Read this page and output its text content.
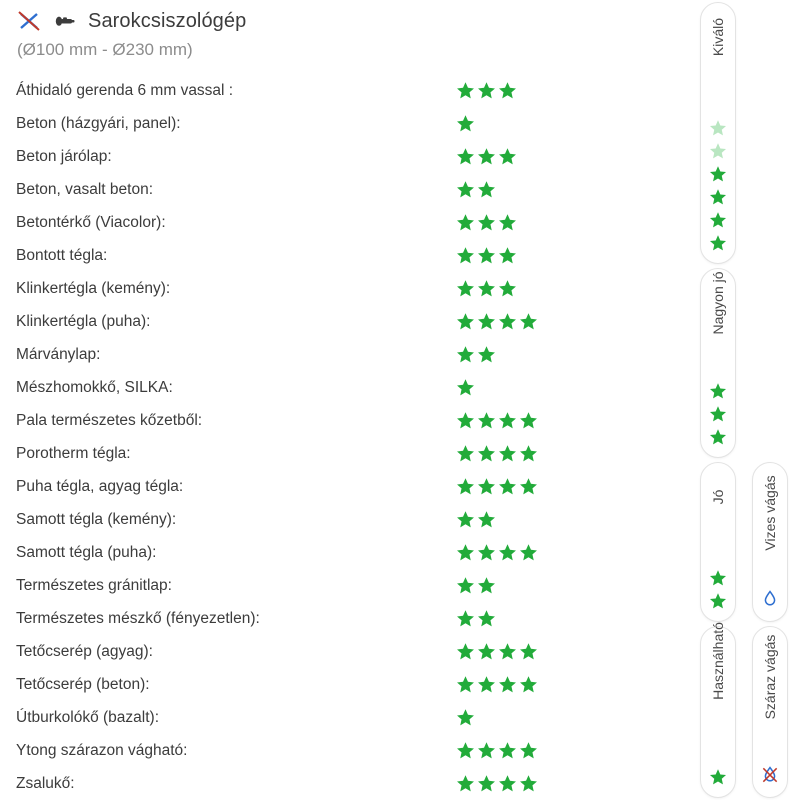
Sarokcsiszológép
(Ø100 mm - Ø230 mm)
Áthidaló gerenda 6 mm vassal :
Beton (házgyári, panel):
Beton járólap:
Beton, vasalt beton:
Betontérkő (Viacolor):
Bontott tégla:
Klinkertégla (kemény):
Klinkertégla (puha):
Márványlap:
Mészhomokkő, SILKA:
Pala természetes kőzetből:
Porotherm tégla:
Puha tégla, agyag tégla:
Samott tégla (kemény):
Samott tégla (puha):
Természetes gránitlap:
Természetes mészkő (fényezetlen):
Tetőcserép (agyag):
Tetőcserép (beton):
Útburkolókő (bazalt):
Ytong szárazon vágható:
Zsalukő:
Kiváló
Nagyon jó
Jó
Használható
Vizes vágás
Száraz vágás
